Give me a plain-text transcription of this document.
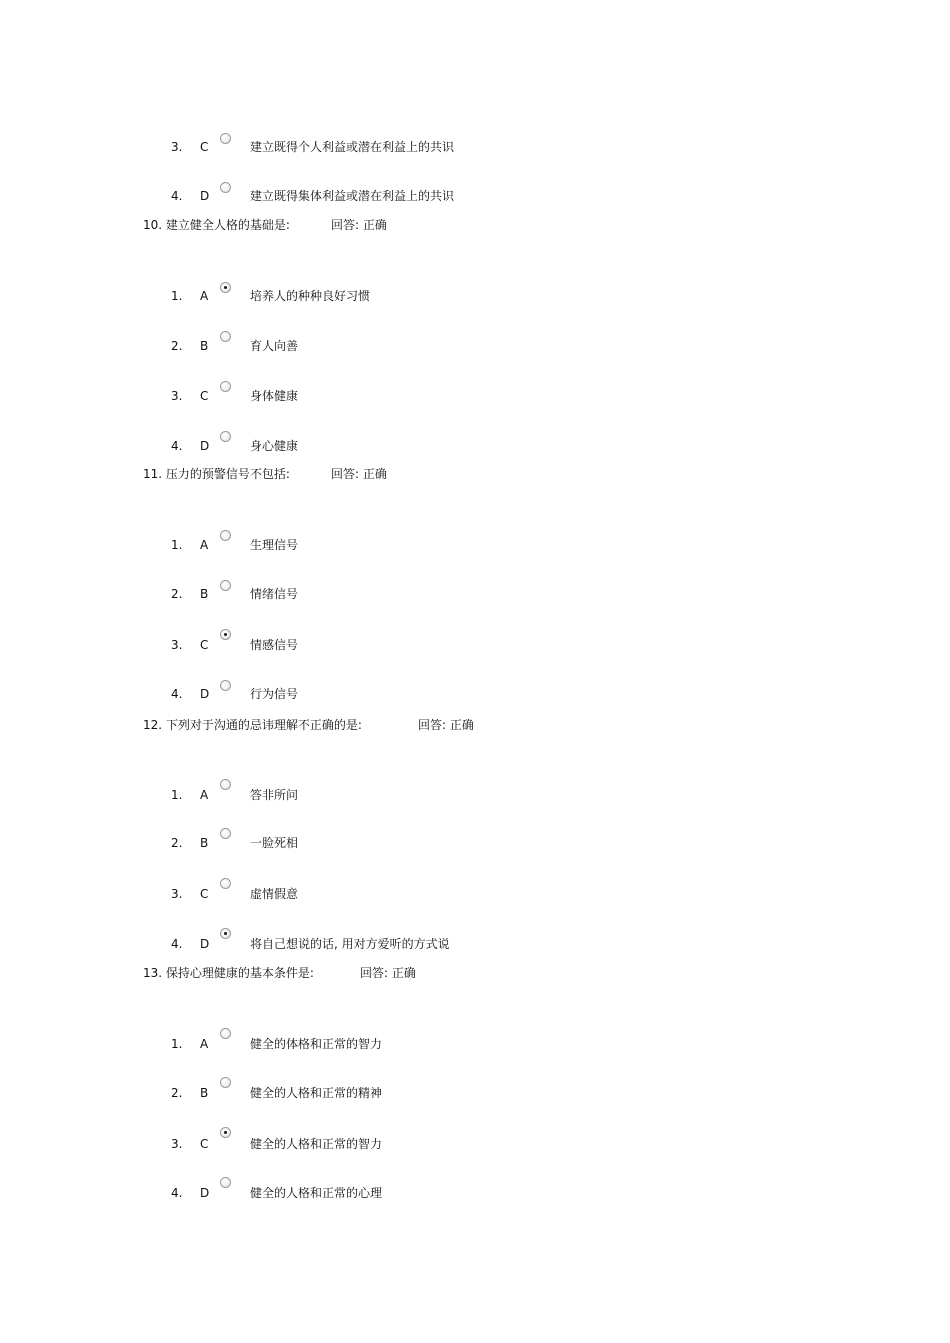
3. C	建立既得个人利益或潜在利益上的共识
4. D	建立既得集体利益或潜在利益上的共识
10. 建立健全人格的基础是:	回答: 正确
1. A	培养人的种种良好习惯
2. B	育人向善
3. C	身体健康
4. D	身心健康
11. 压力的预警信号不包括:	回答: 正确
1. A	生理信号
2. B	情绪信号
3. C	情感信号
4. D	行为信号
12. 下列对于沟通的忌讳理解不正确的是:	回答: 正确
1. A	答非所问
2. B	一脸死相
3. C	虚情假意
4. D	将自己想说的话, 用对方爱听的方式说
13. 保持心理健康的基本条件是:	回答: 正确
1. A	健全的体格和正常的智力
2. B	健全的人格和正常的精神
3. C	健全的人格和正常的智力
4. D	健全的人格和正常的心理
